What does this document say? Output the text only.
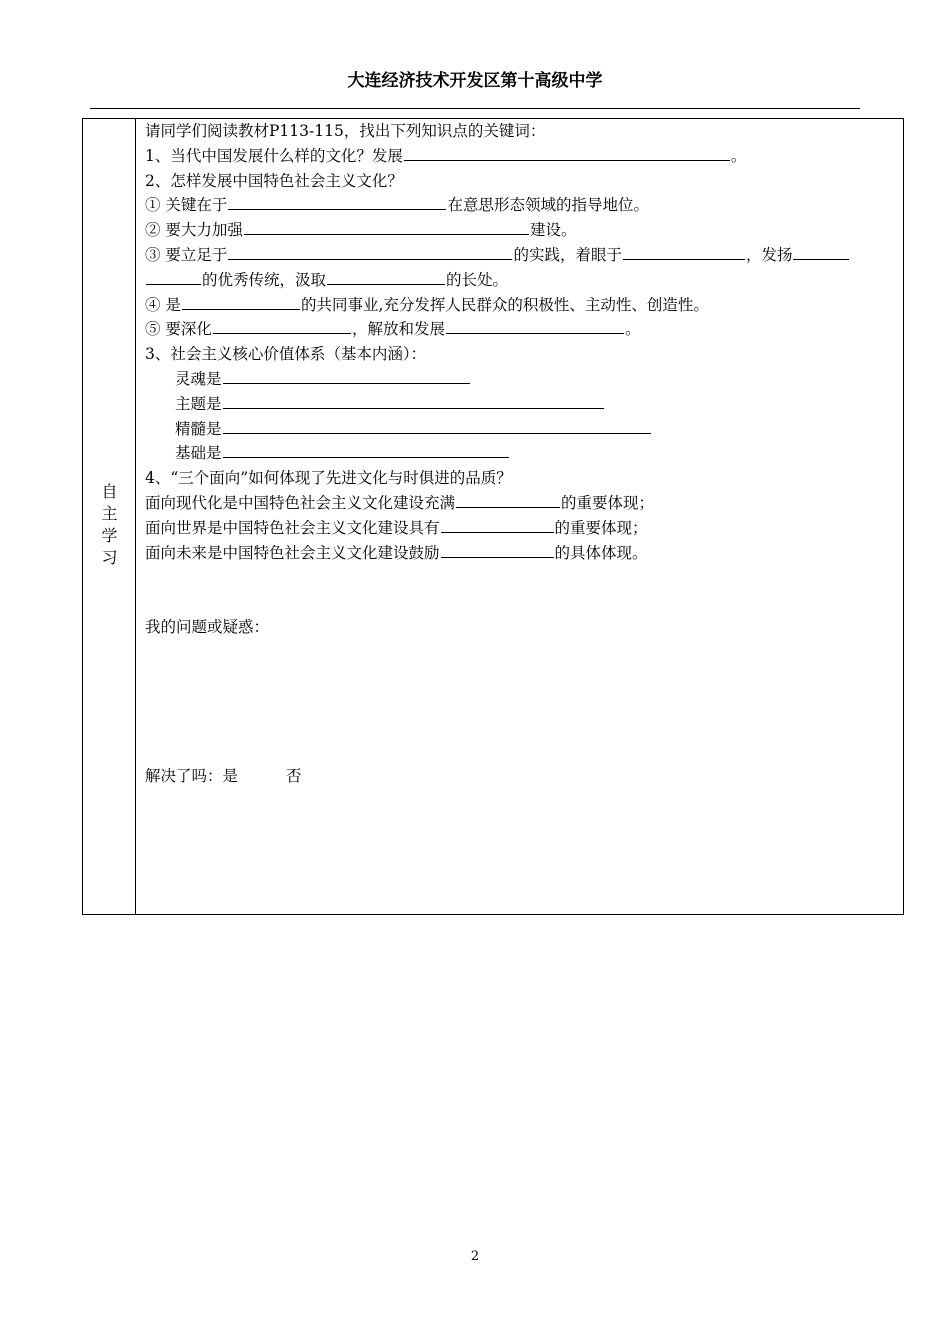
大连经济技术开发区第十高级中学
自
主
学
习
请同学们阅读教材P113-115，找出下列知识点的关键词：
1、当代中国发展什么样的文化？发展	。
2、怎样发展中国特色社会主义文化？
① 关键在于	在意思形态领域的指导地位。
② 要大力加强	建设。
③ 要立足于	的实践，着眼于	，发扬
的优秀传统，汲取	的长处。
④ 是	的共同事业,充分发挥人民群众的积极性、主动性、创造性。
⑤ 要深化	，解放和发展	。
3、社会主义核心价值体系（基本内涵）：
灵魂是
主题是
精髓是
基础是
4、“三个面向”如何体现了先进文化与时俱进的品质？
面向现代化是中国特色社会主义文化建设充满	的重要体现；
面向世界是中国特色社会主义文化建设具有	的重要体现；
面向未来是中国特色社会主义文化建设鼓励	的具体体现。
我的问题或疑惑：
解决了吗：是	否
2
